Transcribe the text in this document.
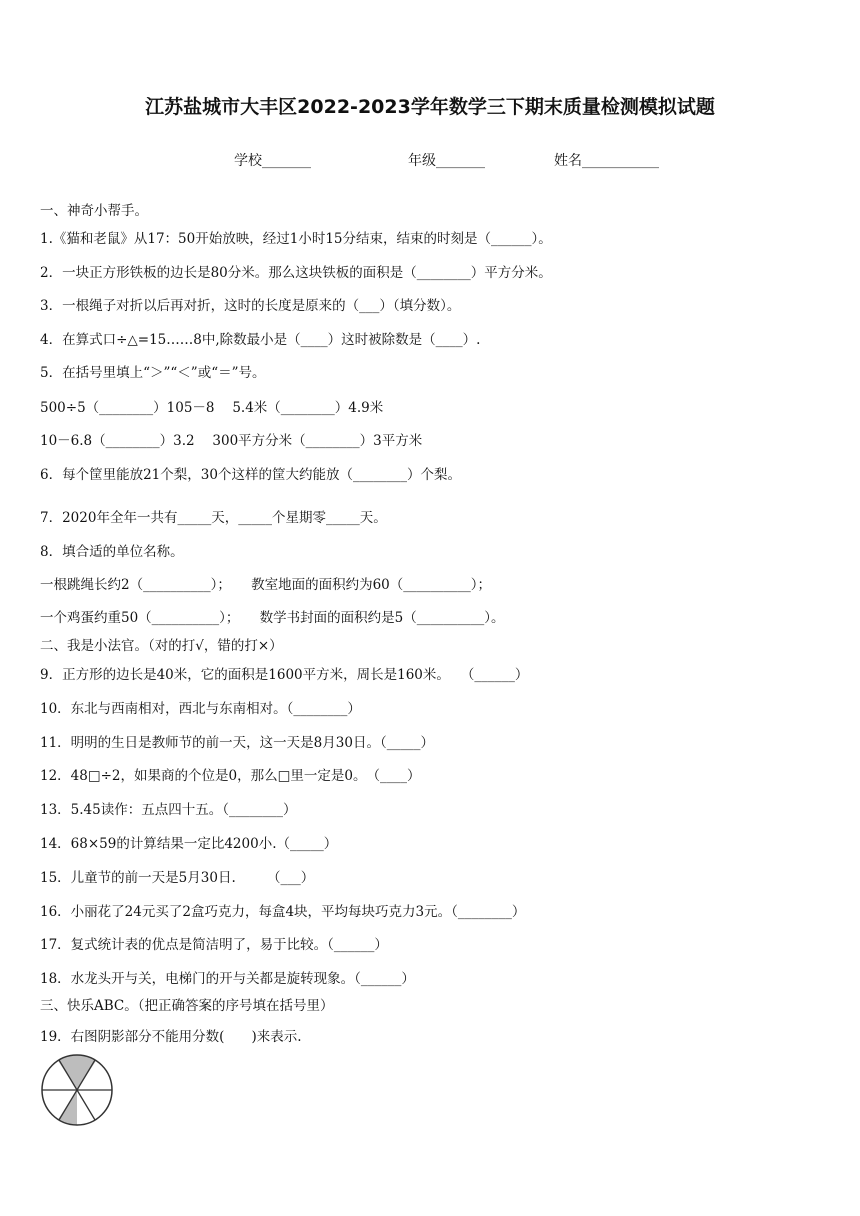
江苏盐城市大丰区2022-2023学年数学三下期末质量检测模拟试题
学校_______	年级_______	姓名___________
一、神奇小帮手。
1.《猫和老鼠》从17：50开始放映，经过1小时15分结束，结束的时刻是（______）。
2．一块正方形铁板的边长是80分米。那么这块铁板的面积是（________）平方分米。
3．一根绳子对折以后再对折，这时的长度是原来的（___）（填分数）。
4．在算式口÷△=15……8中,除数最小是（____）这时被除数是（____）.
5．在括号里填上“＞”“＜”或“＝”号。
500÷5（________）105－8　 5.4米（________）4.9米
10－6.8（________）3.2　 300平方分米（________）3平方米
6．每个筐里能放21个梨，30个这样的筐大约能放（________）个梨。
7．2020年全年一共有_____天，_____个星期零_____天。
8．填合适的单位名称。
一根跳绳长约2（__________）；　　教室地面的面积约为60（__________）；
一个鸡蛋约重50（__________）；　　数学书封面的面积约是5（__________）。
二、我是小法官。（对的打√，错的打×）
9．正方形的边长是40米，它的面积是1600平方米，周长是160米。　 （______）
10．东北与西南相对，西北与东南相对。（________）
11．明明的生日是教师节的前一天，这一天是8月30日。（_____）
12．48□÷2，如果商的个位是0，那么□里一定是0。　（____）
13．5.45读作：五点四十五。（________）
14．68×59的计算结果一定比4200小.（_____）
15．儿童节的前一天是5月30日.　　 （___）
16．小丽花了24元买了2盒巧克力，每盒4块，平均每块巧克力3元。（________）
17．复式统计表的优点是简洁明了，易于比较。（______）
18．水龙头开与关，电梯门的开与关都是旋转现象。（______）
三、快乐ABC。（把正确答案的序号填在括号里）
19．右图阴影部分不能用分数(　　)来表示.
